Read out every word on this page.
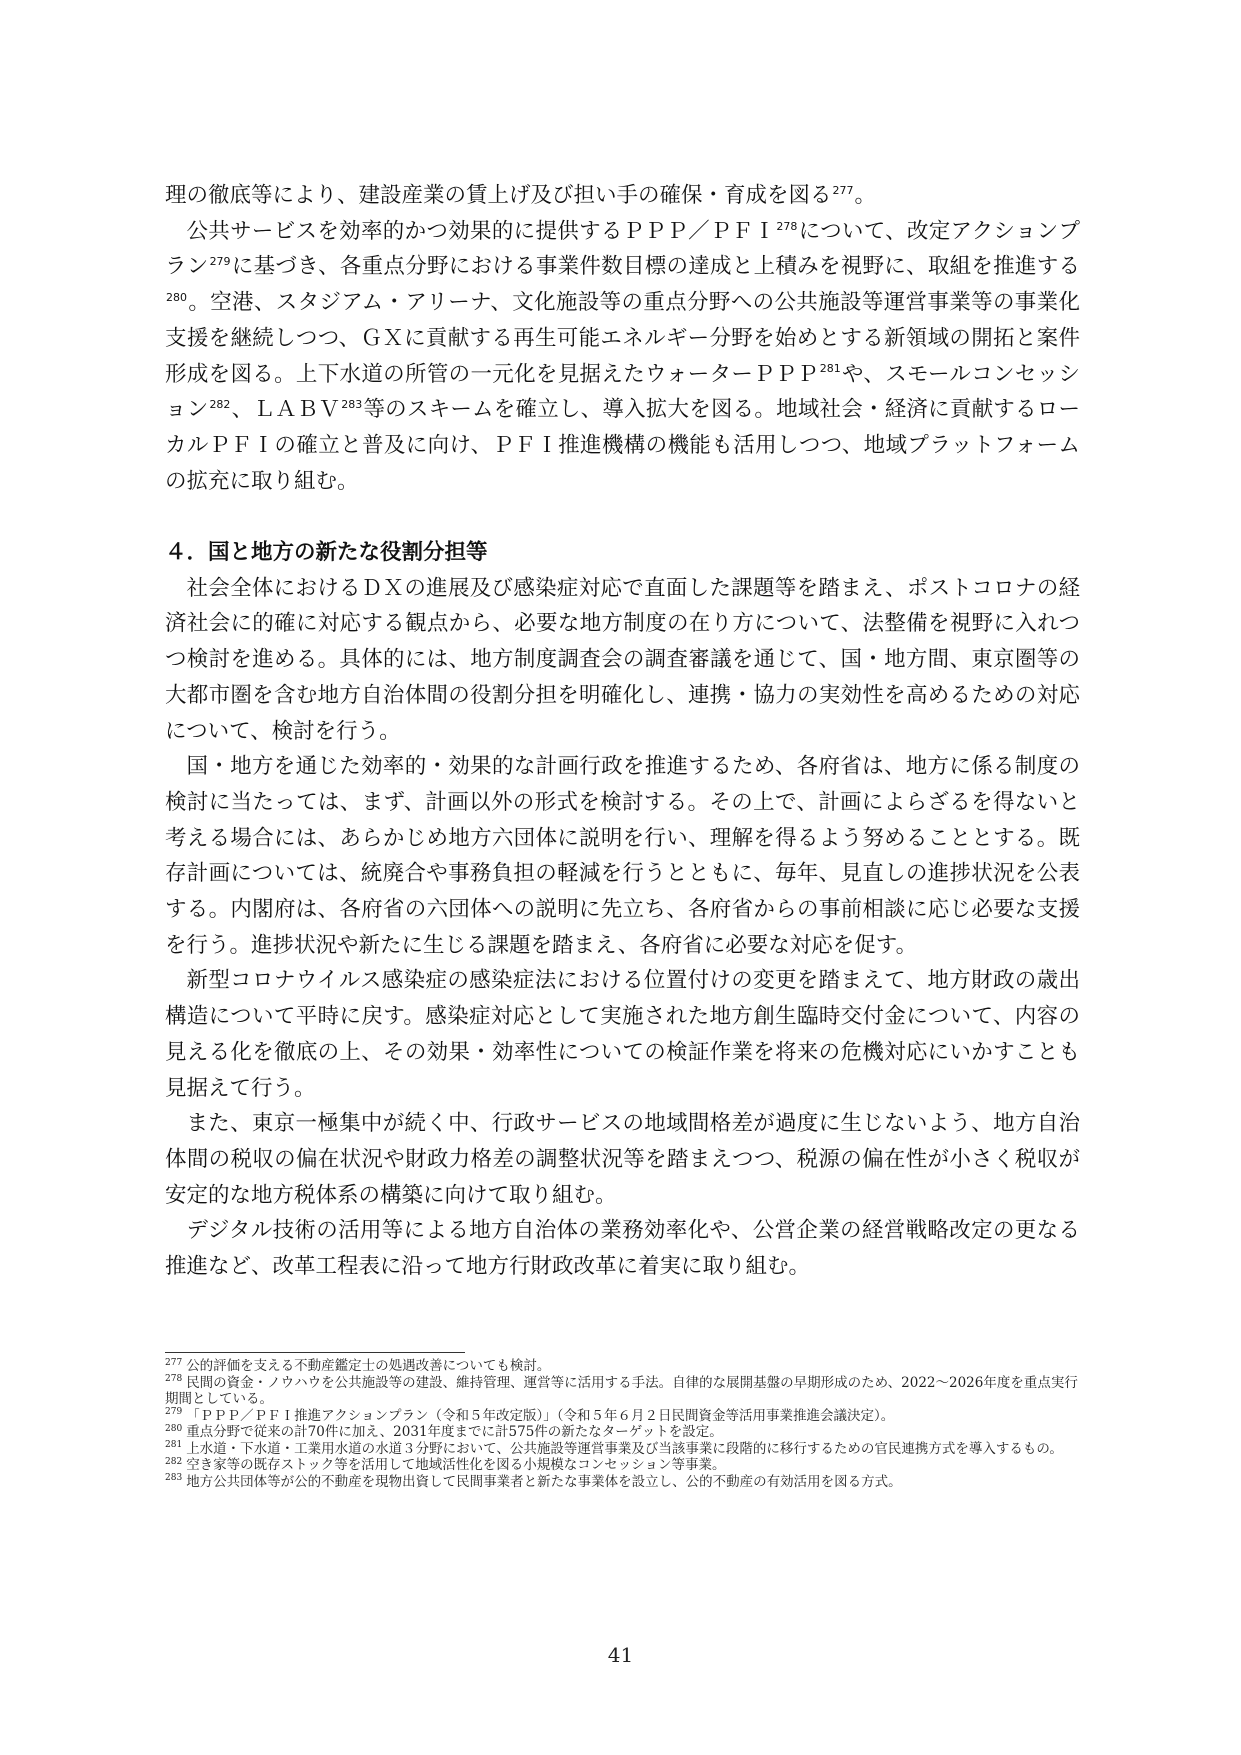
理の徹底等により、建設産業の賃上げ及び担い手の確保・育成を図る$^{277}$。

公共サービスを効率的かつ効果的に提供するＰＰＰ／ＰＦＩ$^{278}$について、改定アクションプラン$^{279}$に基づき、各重点分野における事業件数目標の達成と上積みを視野に、取組を推進する$^{280}$。空港、スタジアム・アリーナ、文化施設等の重点分野への公共施設等運営事業等の事業化支援を継続しつつ、ＧＸに貢献する再生可能エネルギー分野を始めとする新領域の開拓と案件形成を図る。上下水道の所管の一元化を見据えたウォーターＰＰＰ$^{281}$や、スモールコンセッション$^{282}$、ＬＡＢＶ$^{283}$等のスキームを確立し、導入拡大を図る。地域社会・経済に貢献するローカルＰＦＩの確立と普及に向け、ＰＦＩ推進機構の機能も活用しつつ、地域プラットフォームの拡充に取り組む。

４．国と地方の新たな役割分担等

社会全体におけるＤＸの進展及び感染症対応で直面した課題等を踏まえ、ポストコロナの経済社会に的確に対応する観点から、必要な地方制度の在り方について、法整備を視野に入れつつ検討を進める。具体的には、地方制度調査会の調査審議を通じて、国・地方間、東京圏等の大都市圏を含む地方自治体間の役割分担を明確化し、連携・協力の実効性を高めるための対応について、検討を行う。

国・地方を通じた効率的・効果的な計画行政を推進するため、各府省は、地方に係る制度の検討に当たっては、まず、計画以外の形式を検討する。その上で、計画によらざるを得ないと考える場合には、あらかじめ地方六団体に説明を行い、理解を得るよう努めることとする。既存計画については、統廃合や事務負担の軽減を行うとともに、毎年、見直しの進捗状況を公表する。内閣府は、各府省の六団体への説明に先立ち、各府省からの事前相談に応じ必要な支援を行う。進捗状況や新たに生じる課題を踏まえ、各府省に必要な対応を促す。

新型コロナウイルス感染症の感染症法における位置付けの変更を踏まえて、地方財政の歳出構造について平時に戻す。感染症対応として実施された地方創生臨時交付金について、内容の見える化を徹底の上、その効果・効率性についての検証作業を将来の危機対応にいかすことも見据えて行う。

また、東京一極集中が続く中、行政サービスの地域間格差が過度に生じないよう、地方自治体間の税収の偏在状況や財政力格差の調整状況等を踏まえつつ、税源の偏在性が小さく税収が安定的な地方税体系の構築に向けて取り組む。

デジタル技術の活用等による地方自治体の業務効率化や、公営企業の経営戦略改定の更なる推進など、改革工程表に沿って地方行財政改革に着実に取り組む。

$^{277}$ 公的評価を支える不動産鑑定士の処遇改善についても検討。

$^{278}$ 民間の資金・ノウハウを公共施設等の建設、維持管理、運営等に活用する手法。自律的な展開基盤の早期形成のため、2022～2026年度を重点実行期間としている。

$^{279}$ 「ＰＰＰ／ＰＦＩ推進アクションプラン（令和５年改定版）」（令和５年６月２日民間資金等活用事業推進会議決定）。

$^{280}$ 重点分野で従来の計70件に加え、2031年度までに計575件の新たなターゲットを設定。

$^{281}$ 上水道・下水道・工業用水道の水道３分野において、公共施設等運営事業及び当該事業に段階的に移行するための官民連携方式を導入するもの。

$^{282}$ 空き家等の既存ストック等を活用して地域活性化を図る小規模なコンセッション等事業。

$^{283}$ 地方公共団体等が公的不動産を現物出資して民間事業者と新たな事業体を設立し、公的不動産の有効活用を図る方式。

41
